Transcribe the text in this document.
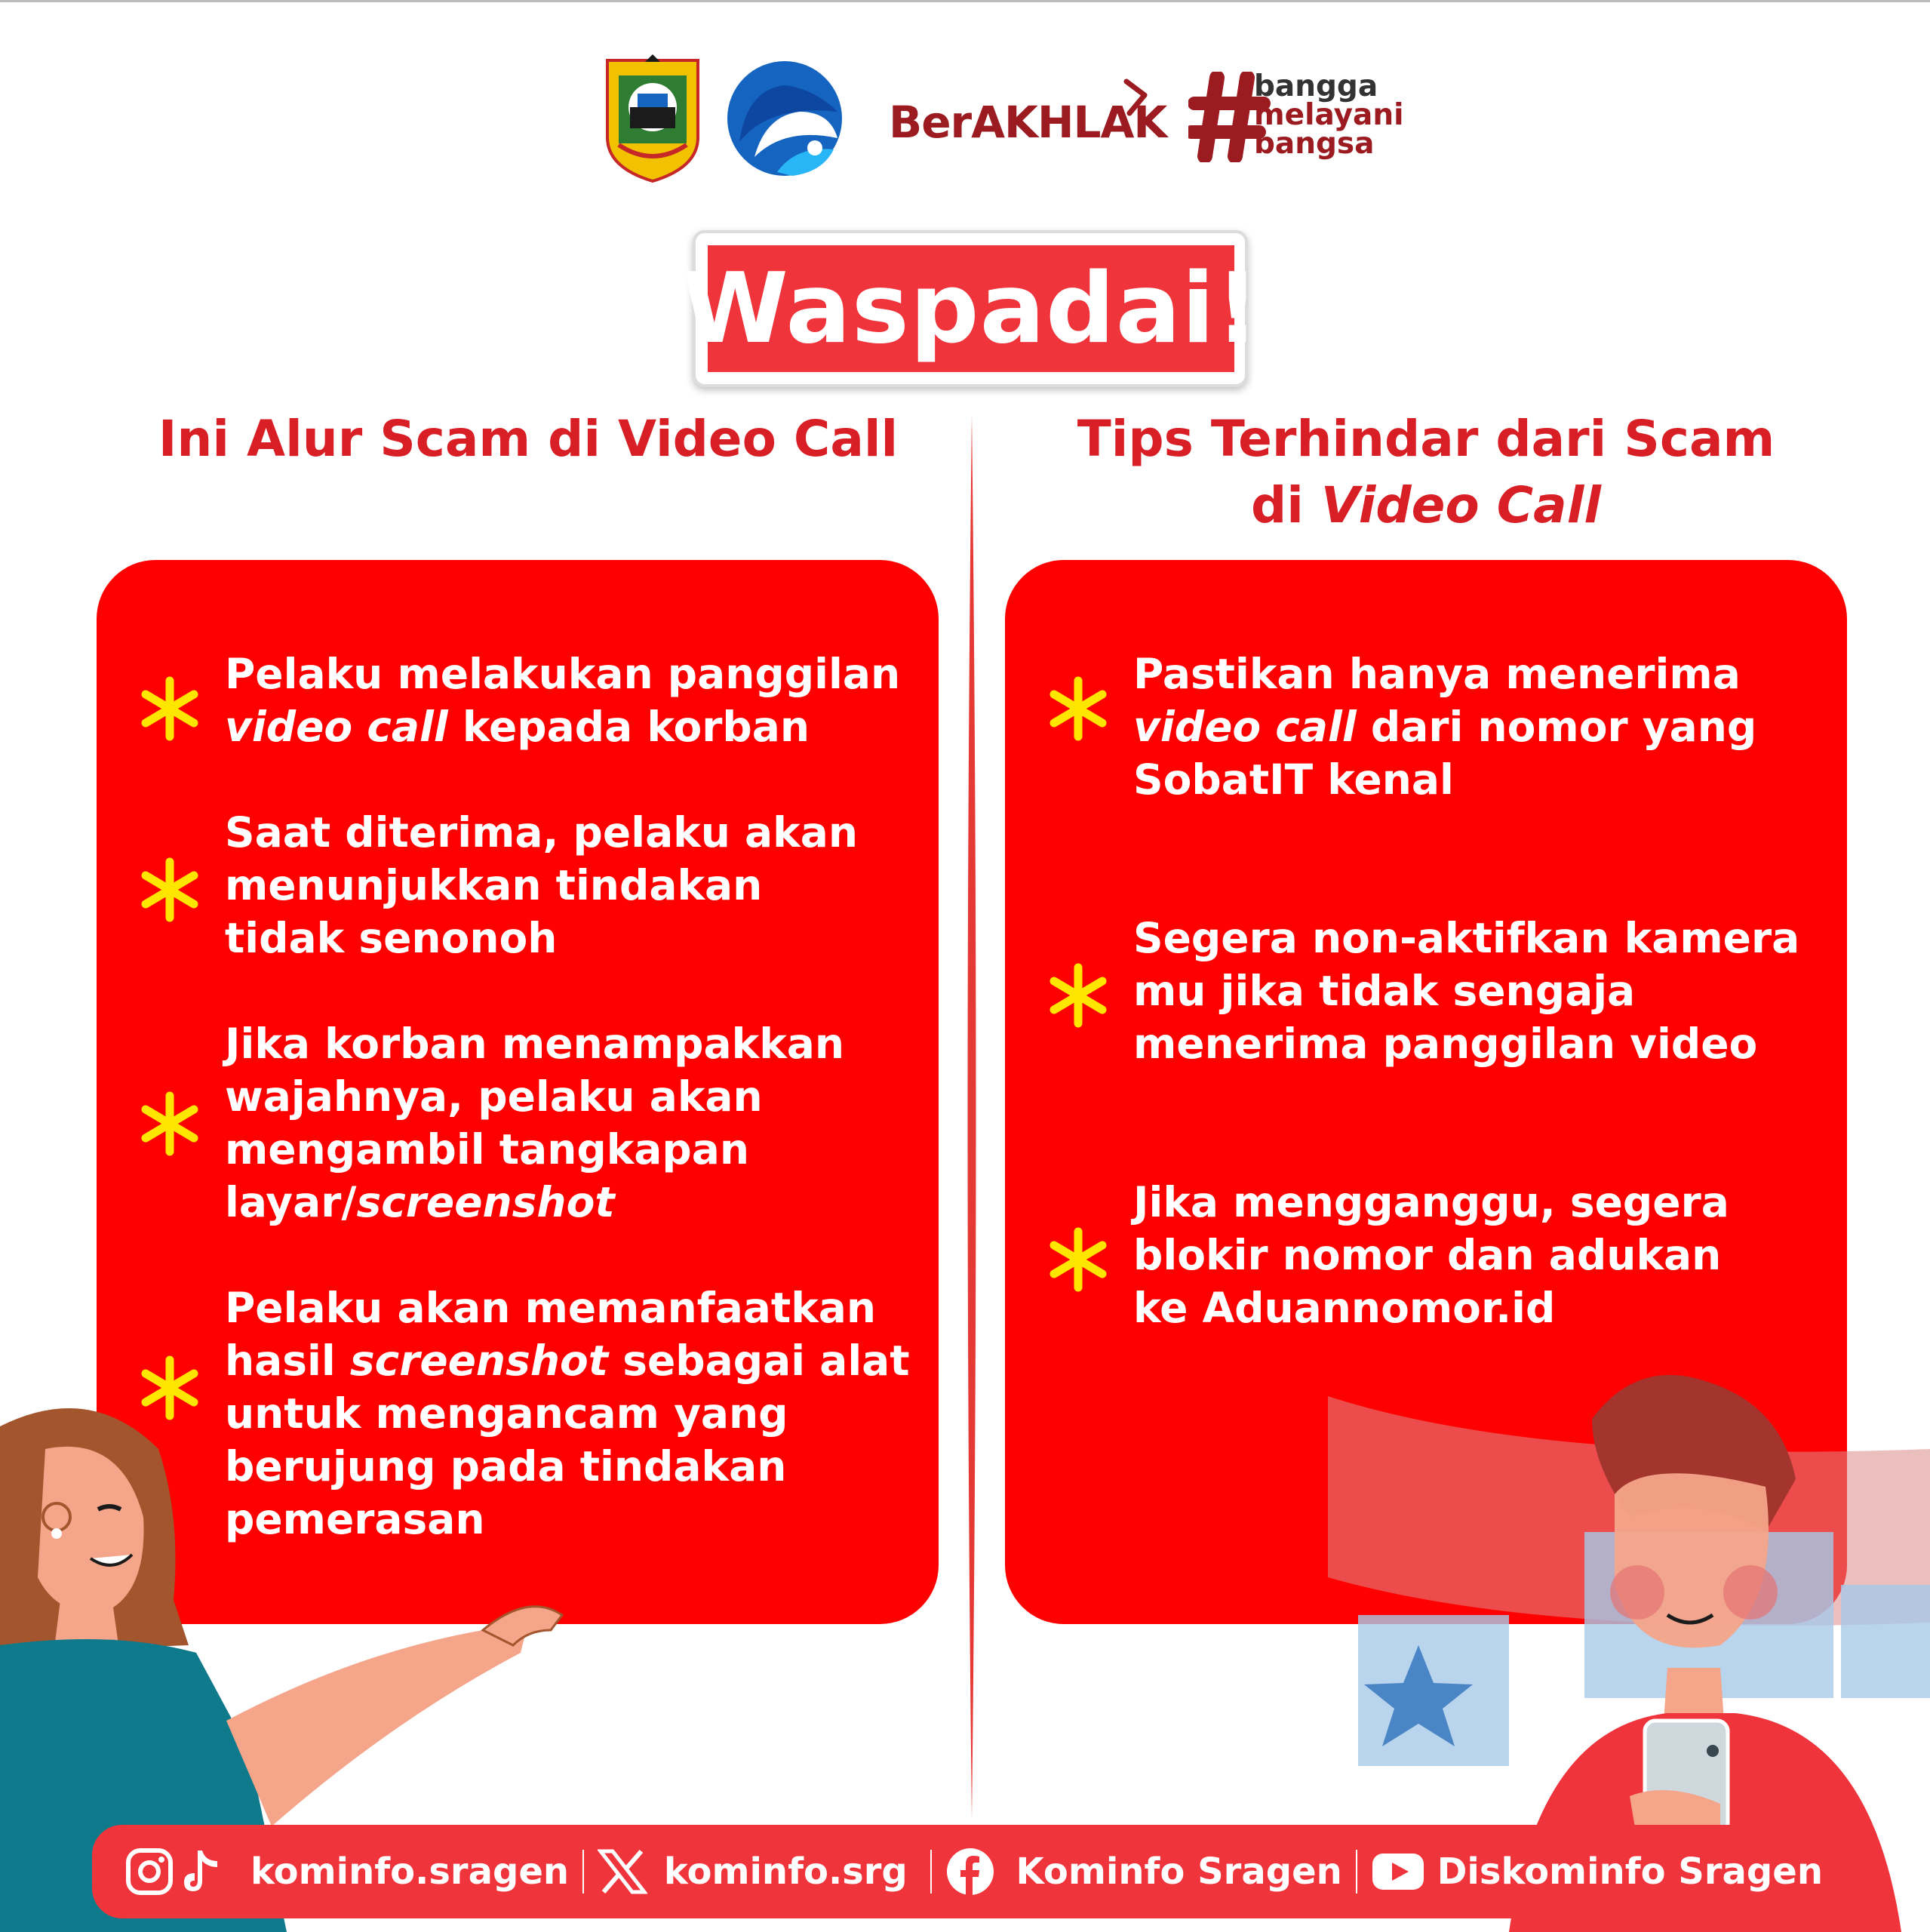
BerAKHLAK
bangga
melayani
bangsa
Waspadai!
Ini Alur Scam di Video Call	Tips Terhindar dari Scam
di Video Call
Pelaku melakukan panggilan
video call kepada korban
Saat diterima, pelaku akan
menunjukkan tindakan
tidak senonoh
Jika korban menampakkan
wajahnya, pelaku akan
mengambil tangkapan
layar/screenshot
Pelaku akan memanfaatkan
hasil screenshot sebagai alat
untuk mengancam yang
berujung pada tindakan
pemerasan
Pastikan hanya menerima
video call dari nomor yang
SobatIT kenal
Segera non-aktifkan kamera
mu jika tidak sengaja
menerima panggilan video
Jika mengganggu, segera
blokir nomor dan adukan
ke Aduannomor.id
kominfo.sragen	kominfo.srg	Kominfo Sragen	Diskominfo Sragen
